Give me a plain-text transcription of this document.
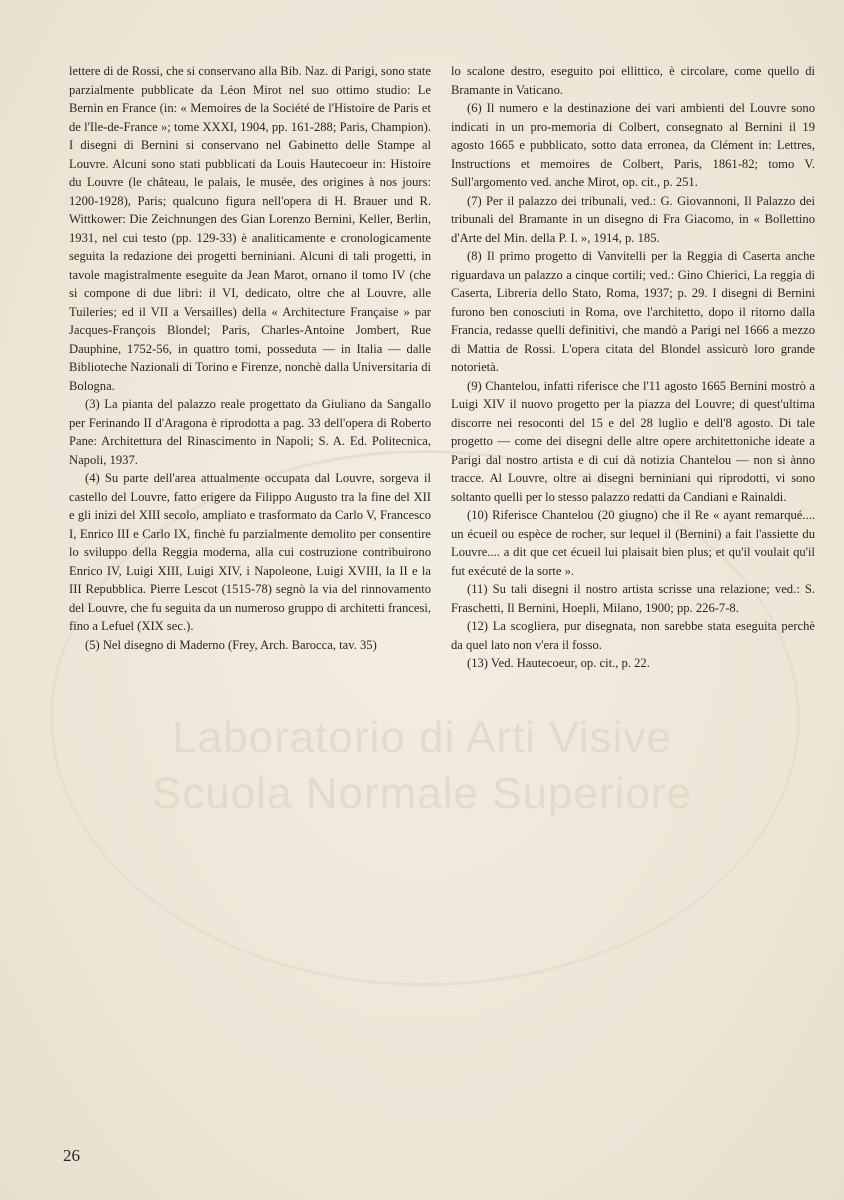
Laboratorio di Arti Visive
Scuola Normale Superiore

lettere di de Rossi, che si conservano alla Bib. Naz. di Parigi, sono state parzialmente pubblicate da Léon Mirot nel suo ottimo studio: Le Bernin en France (in: « Memoires de la Société de l'Histoire de Paris et de l'Ile-de-France »; tome XXXI, 1904, pp. 161-288; Paris, Champion). I disegni di Bernini si conservano nel Gabinetto delle Stampe al Louvre. Alcuni sono stati pubblicati da Louis Hautecoeur in: Histoire du Louvre (le château, le palais, le musée, des origines à nos jours: 1200-1928), Paris; qualcuno figura nell'opera di H. Brauer und R. Wittkower: Die Zeichnungen des Gian Lorenzo Bernini, Keller, Berlin, 1931, nel cui testo (pp. 129-33) è analiticamente e cronologicamente seguita la redazione dei progetti berniniani. Alcuni di tali progetti, in tavole magistralmente eseguite da Jean Marot, ornano il tomo IV (che si compone di due libri: il VI, dedicato, oltre che al Louvre, alle Tuileries; ed il VII a Versailles) della « Architecture Française » par Jacques-François Blondel; Paris, Charles-Antoine Jombert, Rue Dauphine, 1752-56, in quattro tomi, posseduta — in Italia — dalle Biblioteche Nazionali di Torino e Firenze, nonchè dalla Universitaria di Bologna.

(3) La pianta del palazzo reale progettato da Giuliano da Sangallo per Ferinando II d'Aragona è riprodotta a pag. 33 dell'opera di Roberto Pane: Architettura del Rinascimento in Napoli; S. A. Ed. Politecnica, Napoli, 1937.

(4) Su parte dell'area attualmente occupata dal Louvre, sorgeva il castello del Louvre, fatto erigere da Filippo Augusto tra la fine del XII e gli inizi del XIII secolo, ampliato e trasformato da Carlo V, Francesco I, Enrico III e Carlo IX, finchè fu parzialmente demolito per consentire lo sviluppo della Reggia moderna, alla cui costruzione contribuirono Enrico IV, Luigi XIII, Luigi XIV, i Napoleone, Luigi XVIII, la II e la III Repubblica. Pierre Lescot (1515-78) segnò la via del rinnovamento del Louvre, che fu seguita da un numeroso gruppo di architetti francesi, fino a Lefuel (XIX sec.).

(5) Nel disegno di Maderno (Frey, Arch. Barocca, tav. 35)

lo scalone destro, eseguito poi ellittico, è circolare, come quello di Bramante in Vaticano.

(6) Il numero e la destinazione dei vari ambienti del Louvre sono indicati in un pro-memoria di Colbert, consegnato al Bernini il 19 agosto 1665 e pubblicato, sotto data erronea, da Clément in: Lettres, Instructions et memoires de Colbert, Paris, 1861-82; tomo V. Sull'argomento ved. anche Mirot, op. cit., p. 251.

(7) Per il palazzo dei tribunali, ved.: G. Giovannoni, Il Palazzo dei tribunali del Bramante in un disegno di Fra Giacomo, in « Bollettino d'Arte del Min. della P. I. », 1914, p. 185.

(8) Il primo progetto di Vanvitelli per la Reggia di Caserta anche riguardava un palazzo a cinque cortili; ved.: Gino Chierici, La reggia di Caserta, Libreria dello Stato, Roma, 1937; p. 29. I disegni di Bernini furono ben conosciuti in Roma, ove l'architetto, dopo il ritorno dalla Francia, redasse quelli definitivi, che mandò a Parigi nel 1666 a mezzo di Mattia de Rossi. L'opera citata del Blondel assicurò loro grande notorietà.

(9) Chantelou, infatti riferisce che l'11 agosto 1665 Bernini mostrò a Luigi XIV il nuovo progetto per la piazza del Louvre; di quest'ultima discorre nei resoconti del 15 e del 28 luglio e dell'8 agosto. Di tale progetto — come dei disegni delle altre opere architettoniche ideate a Parigi dal nostro artista e di cui dà notizia Chantelou — non si ànno tracce. Al Louvre, oltre ai disegni berniniani qui riprodotti, vi sono soltanto quelli per lo stesso palazzo redatti da Candiani e Rainaldi.

(10) Riferisce Chantelou (20 giugno) che il Re « ayant remarqué.... un écueil ou espèce de rocher, sur lequel il (Bernini) a fait l'assiette du Louvre.... a dit que cet écueil lui plaisait bien plus; et qu'il voulait qu'il fut exécuté de la sorte ».

(11) Su tali disegni il nostro artista scrisse una relazione; ved.: S. Fraschetti, Il Bernini, Hoepli, Milano, 1900; pp. 226-7-8.

(12) La scogliera, pur disegnata, non sarebbe stata eseguita perchè da quel lato non v'era il fosso.

(13) Ved. Hautecoeur, op. cit., p. 22.

26
